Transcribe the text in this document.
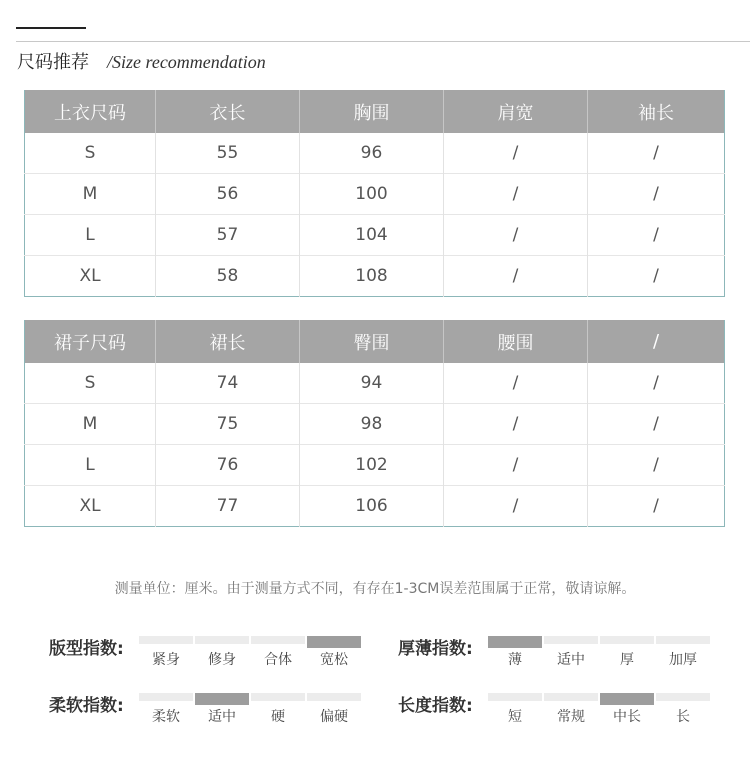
尺码推荐 /Size recommendation
上衣尺码	衣长	胸围	肩宽	袖长
S	55	96	/	/
M	56	100	/	/
L	57	104	/	/
XL	58	108	/	/
裙子尺码	裙长	臀围	腰围	/
S	74	94	/	/
M	75	98	/	/
L	76	102	/	/
XL	77	106	/	/
测量单位：厘米。由于测量方式不同，有存在1-3CM误差范围属于正常，敬请谅解。
版型指数:
紧身	修身	合体	宽松
厚薄指数:
薄	适中	厚	加厚
柔软指数:
柔软	适中	硬	偏硬
长度指数:
短	常规	中长	长
